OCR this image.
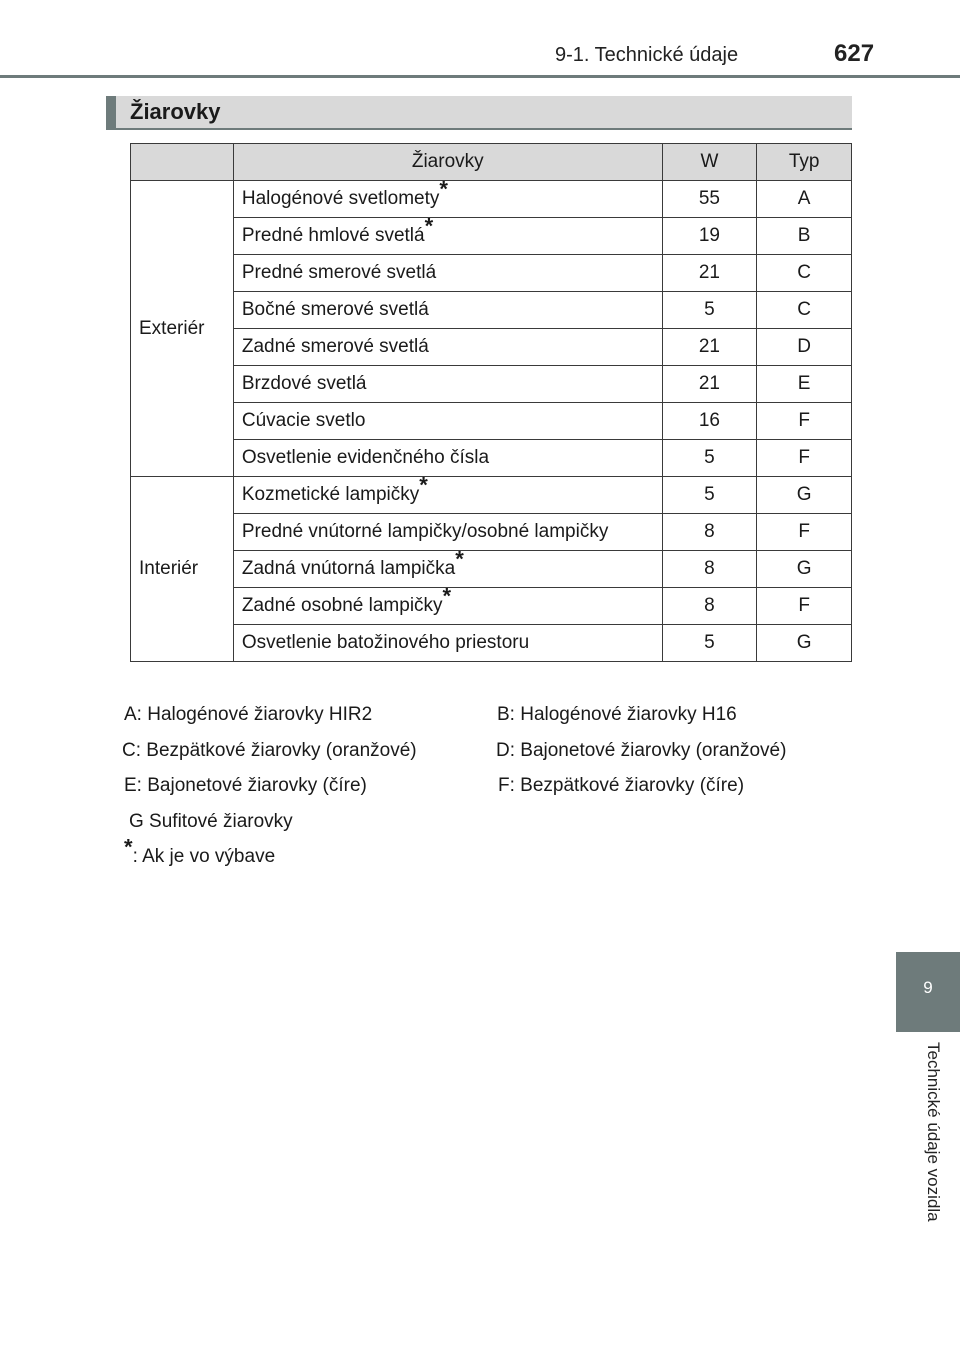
9-1. Technické údaje	627
Žiarovky
	Žiarovky	W	Typ
Exteriér	Halogénové svetlomety*	55	A
	Predné hmlové svetlá*	19	B
	Predné smerové svetlá	21	C
	Bočné smerové svetlá	5	C
	Zadné smerové svetlá	21	D
	Brzdové svetlá	21	E
	Cúvacie svetlo	16	F
	Osvetlenie evidenčného čísla	5	F
Interiér	Kozmetické lampičky*	5	G
	Predné vnútorné lampičky/osobné lampičky	8	F
	Zadná vnútorná lampička*	8	G
	Zadné osobné lampičky*	8	F
	Osvetlenie batožinového priestoru	5	G
A: Halogénové žiarovky HIR2	B: Halogénové žiarovky H16
C: Bezpätkové žiarovky (oranžové)	D: Bajonetové žiarovky (oranžové)
E: Bajonetové žiarovky (číre)	F: Bezpätkové žiarovky (číre)
G Sufitové žiarovky
*: Ak je vo výbave
9
Technické údaje vozidla
